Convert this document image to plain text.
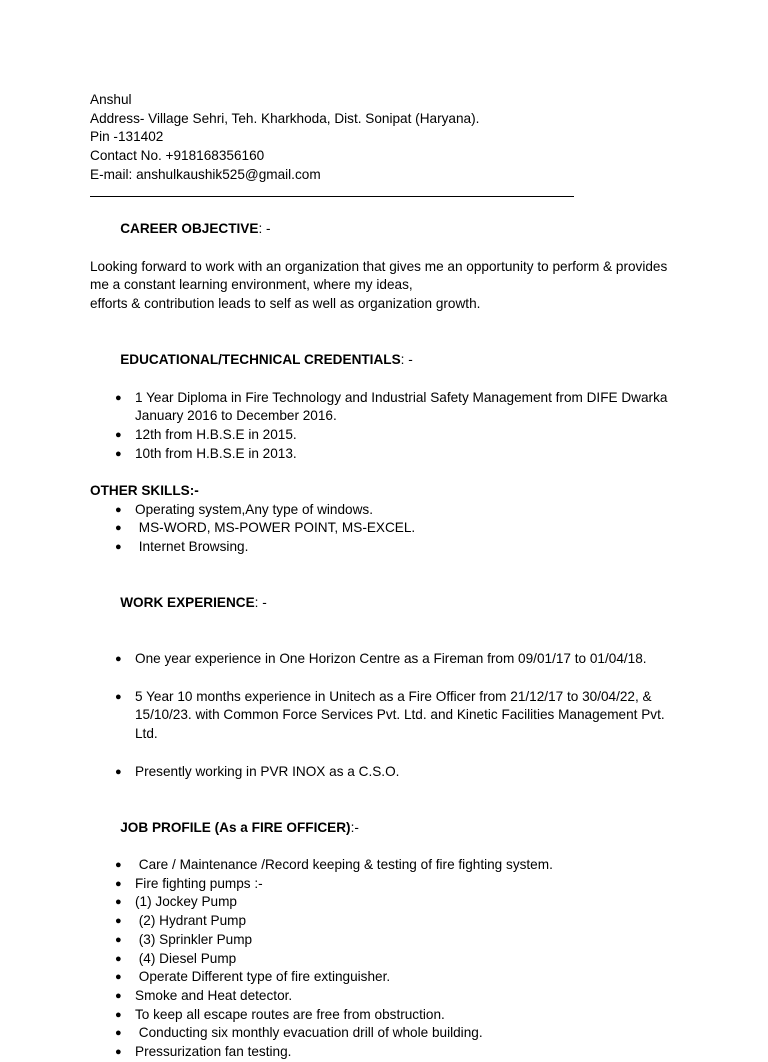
Anshul
Address- Village Sehri, Teh. Kharkhoda, Dist. Sonipat (Haryana).
Pin -131402
Contact No. +918168356160
E-mail: anshulkaushik525@gmail.com

CAREER OBJECTIVE: -

Looking forward to work with an organization that gives me an opportunity to perform & provides
me a constant learning environment, where my ideas,
efforts & contribution leads to self as well as organization growth.

EDUCATIONAL/TECHNICAL CREDENTIALS: -

● 1 Year Diploma in Fire Technology and Industrial Safety Management from DIFE Dwarka January 2016 to December 2016.
● 12th from H.B.S.E in 2015.
● 10th from H.B.S.E in 2013.
OTHER SKILLS:-
● Operating system,Any type of windows.
● MS-WORD, MS-POWER POINT, MS-EXCEL.
● Internet Browsing.

WORK EXPERIENCE: -

● One year experience in One Horizon Centre as a Fireman from 09/01/17 to 01/04/18.
● 5 Year 10 months experience in Unitech as a Fire Officer from 21/12/17 to 30/04/22, & 15/10/23. with Common Force Services Pvt. Ltd. and Kinetic Facilities Management Pvt. Ltd.
● Presently working in PVR INOX as a C.S.O.

JOB PROFILE (As a FIRE OFFICER):-

● Care / Maintenance /Record keeping & testing of fire fighting system.
● Fire fighting pumps :-
● (1) Jockey Pump
● (2) Hydrant Pump
● (3) Sprinkler Pump
● (4) Diesel Pump
● Operate Different type of fire extinguisher.
● Smoke and Heat detector.
● To keep all escape routes are free from obstruction.
● Conducting six monthly evacuation drill of whole building.
● Pressurization fan testing.
